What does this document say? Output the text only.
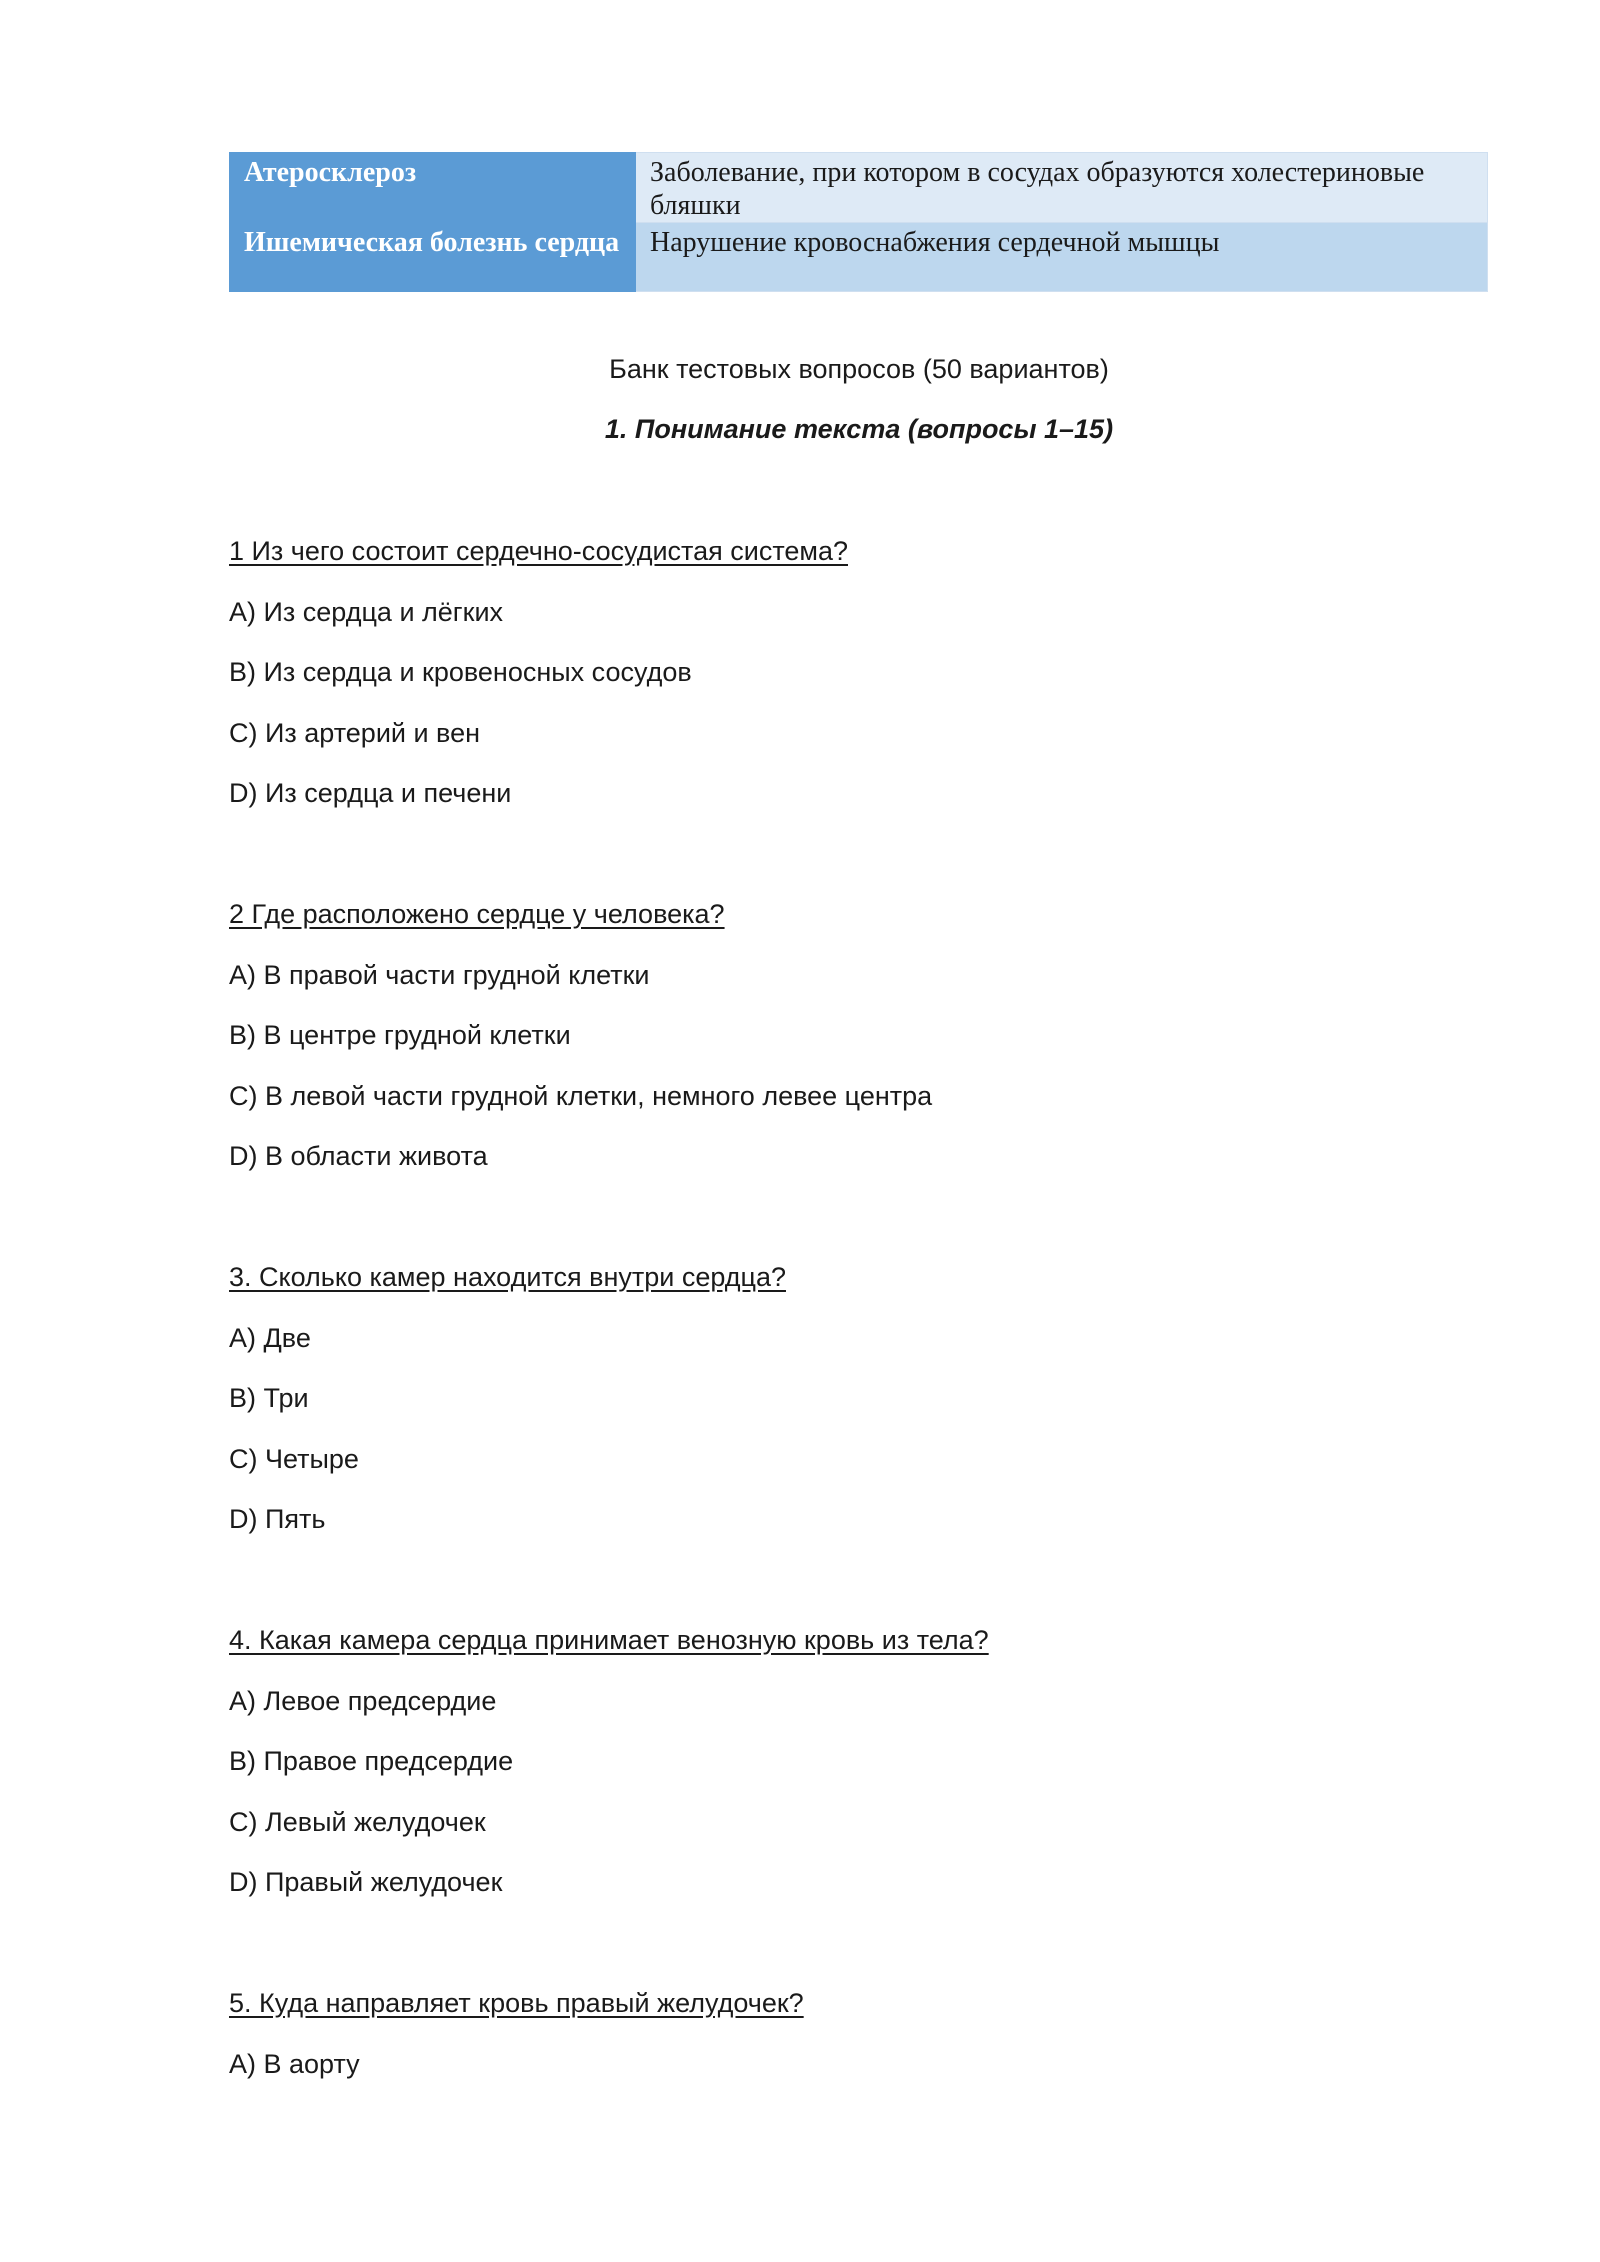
Атеросклероз	Заболевание, при котором в сосудах образуются холестериновые бляшки
Ишемическая болезнь сердца	Нарушение кровоснабжения сердечной мышцы
Банк тестовых вопросов (50 вариантов)
1. Понимание текста (вопросы 1–15)
1 Из чего состоит сердечно-сосудистая система?
A) Из сердца и лёгких
B) Из сердца и кровеносных сосудов
C) Из артерий и вен
D) Из сердца и печени
2 Где расположено сердце у человека?
A) В правой части грудной клетки
B) В центре грудной клетки
C) В левой части грудной клетки, немного левее центра
D) В области живота
3. Сколько камер находится внутри сердца?
A) Две
B) Три
C) Четыре
D) Пять
4. Какая камера сердца принимает венозную кровь из тела?
A) Левое предсердие
B) Правое предсердие
C) Левый желудочек
D) Правый желудочек
5. Куда направляет кровь правый желудочек?
A) В аорту
